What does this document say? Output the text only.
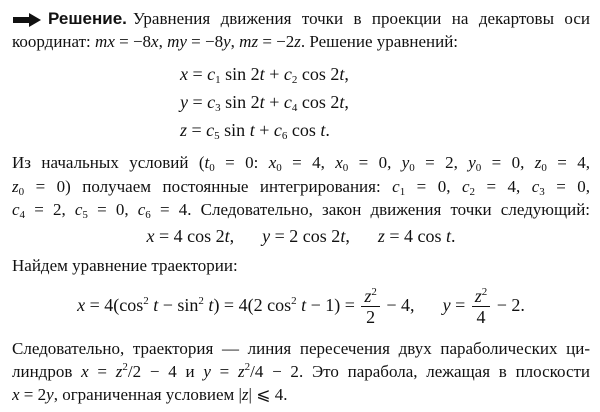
Решение. Уравнения движения точки в проекции на декартовы оси
координат: mx ¨ = −8x, my ¨ = −8y, mz ¨ = −2z. Решение уравнений:
$x = c_1$ $\sin 2t + c_2$ cos 2t,
$y = c_3$ $\sin 2t + c_4$ cos 2t,
$z = c_5$ $\sin t + c_6$ cos t.
Из начальных условий ($t_0 = 0$: $x_0 = 4$, x $˙_0 = 0$, $y_0 = 2$, y $˙_0 = 0$, $z_0 = 4$,
z $˙_0 = 0$) получаем постоянные интегрирования: $c_1 = 0$, $c_2 = 4$, $c_3 = 0$,
$c_4 = 2$, $c_5 = 0$, $c_6 = 4$. Следовательно, закон движения точки следующий:
x = 4 cos 2t, y = 2 cos 2t, z = 4 cos t.
Найдем уравнение траектории:
$x = 4(\cos^2$ $t - \sin^2 t) = 4(2$ $\cos^2 t - 1) = \frac{z^2}{2} - 4$, $y = \frac{z^2}{4} - 2$.
Следовательно, траектория — линия пересечения двух параболических ци-
линдров $x = z^2/2 - 4$ и $y = z^2/4 - 2$. Это парабола, лежащая в плоскости
x = 2y, ограниченная условием |z| ⩽ 4.
